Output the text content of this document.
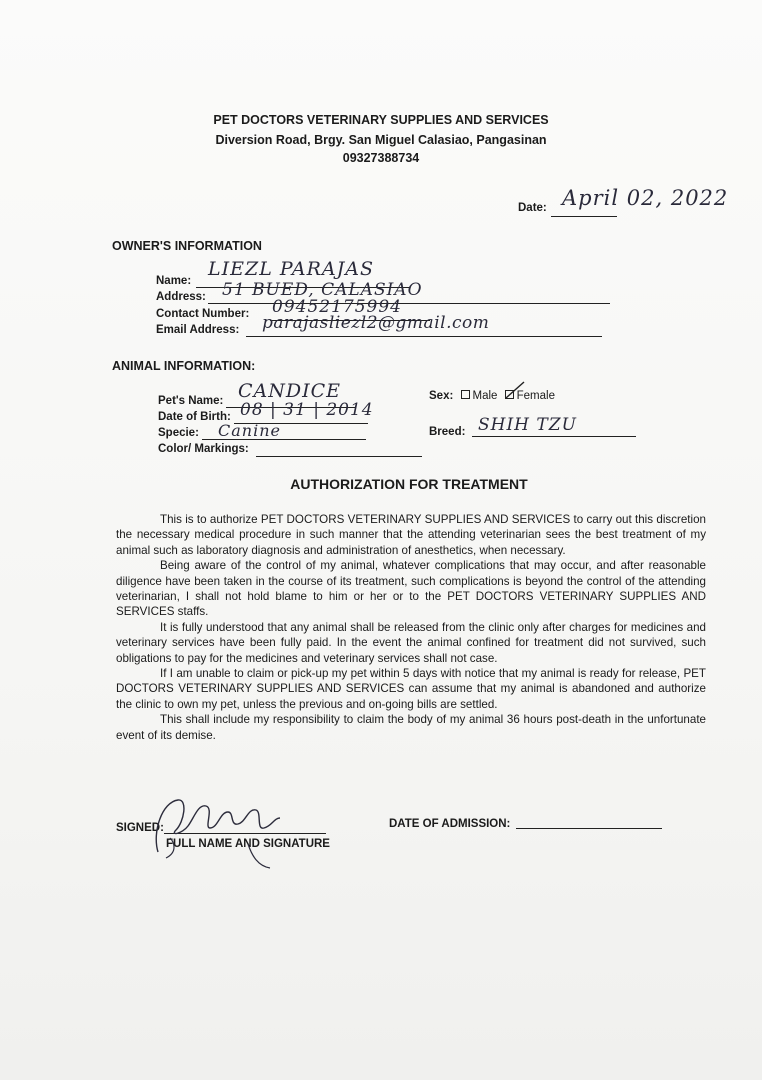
PET DOCTORS VETERINARY SUPPLIES AND SERVICES
Diversion Road, Brgy. San Miguel Calasiao, Pangasinan
09327388734
Date: April 02, 2022
OWNER'S INFORMATION
Name:
LIEZL PARAJAS
Address: 51 BUED, CALASIAO
Contact Number: 09452175994
Email Address: parajasliezl2@gmail.com
ANIMAL INFORMATION:
Pet's Name: CANDICE
Date of Birth: 08 | 31 | 2014
Specie: Canine
Color/ Markings:
Sex: Male Female
Breed: SHIH TZU
AUTHORIZATION FOR TREATMENT

This is to authorize PET DOCTORS VETERINARY SUPPLIES AND SERVICES to carry out this discretion the necessary medical procedure in such manner that the attending veterinarian sees the best treatment of my animal such as laboratory diagnosis and administration of anesthetics, when necessary.

Being aware of the control of my animal, whatever complications that may occur, and after reasonable diligence have been taken in the course of its treatment, such complications is beyond the control of the attending veterinarian, I shall not hold blame to him or her or to the PET DOCTORS VETERINARY SUPPLIES AND SERVICES staffs.

It is fully understood that any animal shall be released from the clinic only after charges for medicines and veterinary services have been fully paid. In the event the animal confined for treatment did not survived, such obligations to pay for the medicines and veterinary services shall not case.

If I am unable to claim or pick-up my pet within 5 days with notice that my animal is ready for release, PET DOCTORS VETERINARY SUPPLIES AND SERVICES can assume that my animal is abandoned and authorize the clinic to own my pet, unless the previous and on-going bills are settled.

This shall include my responsibility to claim the body of my animal 36 hours post-death in the unfortunate event of its demise.

SIGNED:
FULL NAME AND SIGNATURE
DATE OF ADMISSION:
